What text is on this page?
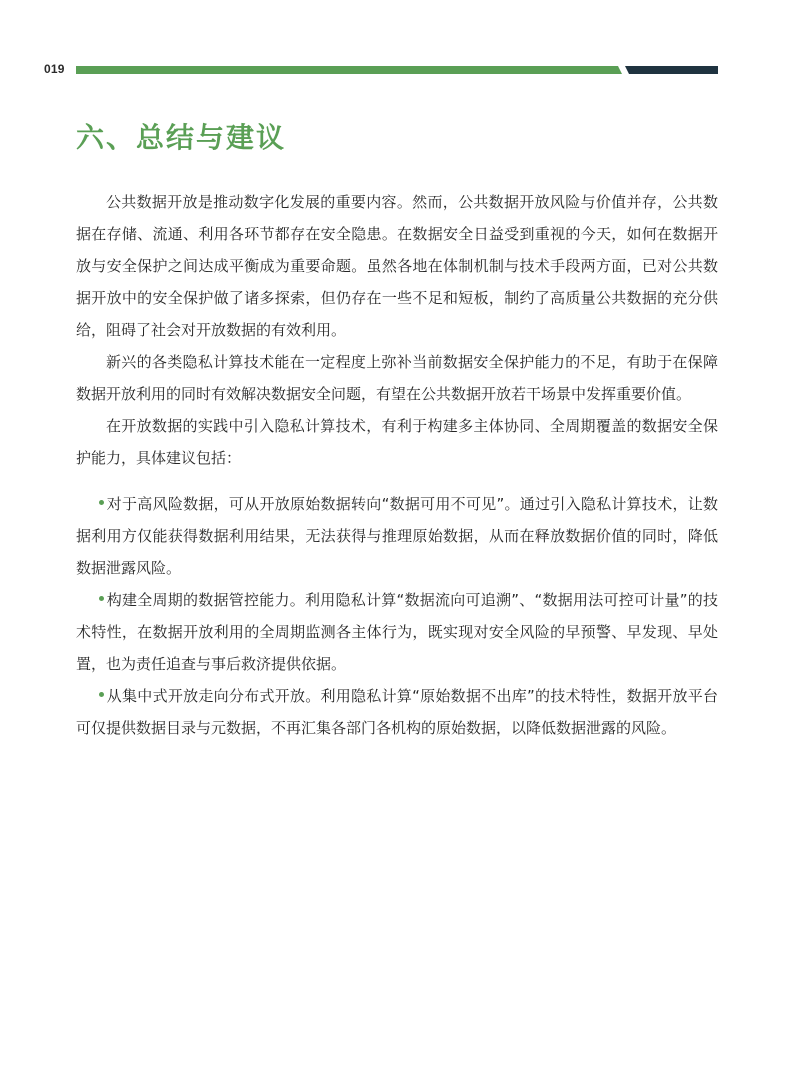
019
六、总结与建议

公共数据开放是推动数字化发展的重要内容。然而，公共数据开放风险与价值并存，公共数据在存储、流通、利用各环节都存在安全隐患。在数据安全日益受到重视的今天，如何在数据开放与安全保护之间达成平衡成为重要命题。虽然各地在体制机制与技术手段两方面，已对公共数据开放中的安全保护做了诸多探索，但仍存在一些不足和短板，制约了高质量公共数据的充分供给，阻碍了社会对开放数据的有效利用。

新兴的各类隐私计算技术能在一定程度上弥补当前数据安全保护能力的不足，有助于在保障数据开放利用的同时有效解决数据安全问题，有望在公共数据开放若干场景中发挥重要价值。

在开放数据的实践中引入隐私计算技术，有利于构建多主体协同、全周期覆盖的数据安全保护能力，具体建议包括：

对于高风险数据，可从开放原始数据转向“数据可用不可见”。通过引入隐私计算技术，让数据利用方仅能获得数据利用结果，无法获得与推理原始数据，从而在释放数据价值的同时，降低数据泄露风险。
构建全周期的数据管控能力。利用隐私计算“数据流向可追溯”、“数据用法可控可计量”的技术特性，在数据开放利用的全周期监测各主体行为，既实现对安全风险的早预警、早发现、早处置，也为责任追查与事后救济提供依据。
从集中式开放走向分布式开放。利用隐私计算“原始数据不出库”的技术特性，数据开放平台可仅提供数据目录与元数据，不再汇集各部门各机构的原始数据，以降低数据泄露的风险。
